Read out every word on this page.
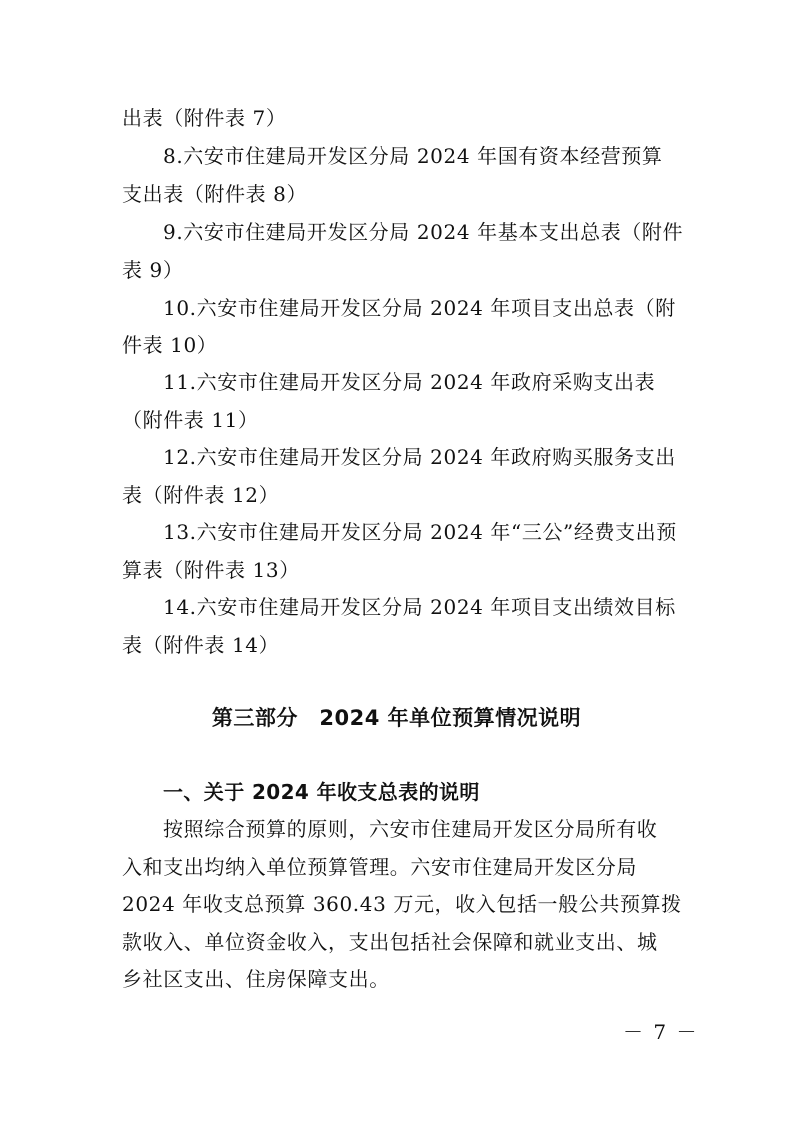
出表（附件表 7）
8.六安市住建局开发区分局 2024 年国有资本经营预算
支出表（附件表 8）
9.六安市住建局开发区分局 2024 年基本支出总表（附件
表 9）
10.六安市住建局开发区分局 2024 年项目支出总表（附
件表 10）
11.六安市住建局开发区分局 2024 年政府采购支出表
（附件表 11）
12.六安市住建局开发区分局 2024 年政府购买服务支出
表（附件表 12）
13.六安市住建局开发区分局 2024 年“三公”经费支出预
算表（附件表 13）
14.六安市住建局开发区分局 2024 年项目支出绩效目标
表（附件表 14）
第三部分　2024 年单位预算情况说明
一、关于 2024 年收支总表的说明
按照综合预算的原则，六安市住建局开发区分局所有收
入和支出均纳入单位预算管理。六安市住建局开发区分局
2024 年收支总预算 360.43 万元，收入包括一般公共预算拨
款收入、单位资金收入，支出包括社会保障和就业支出、城
乡社区支出、住房保障支出。
－ 7 －
